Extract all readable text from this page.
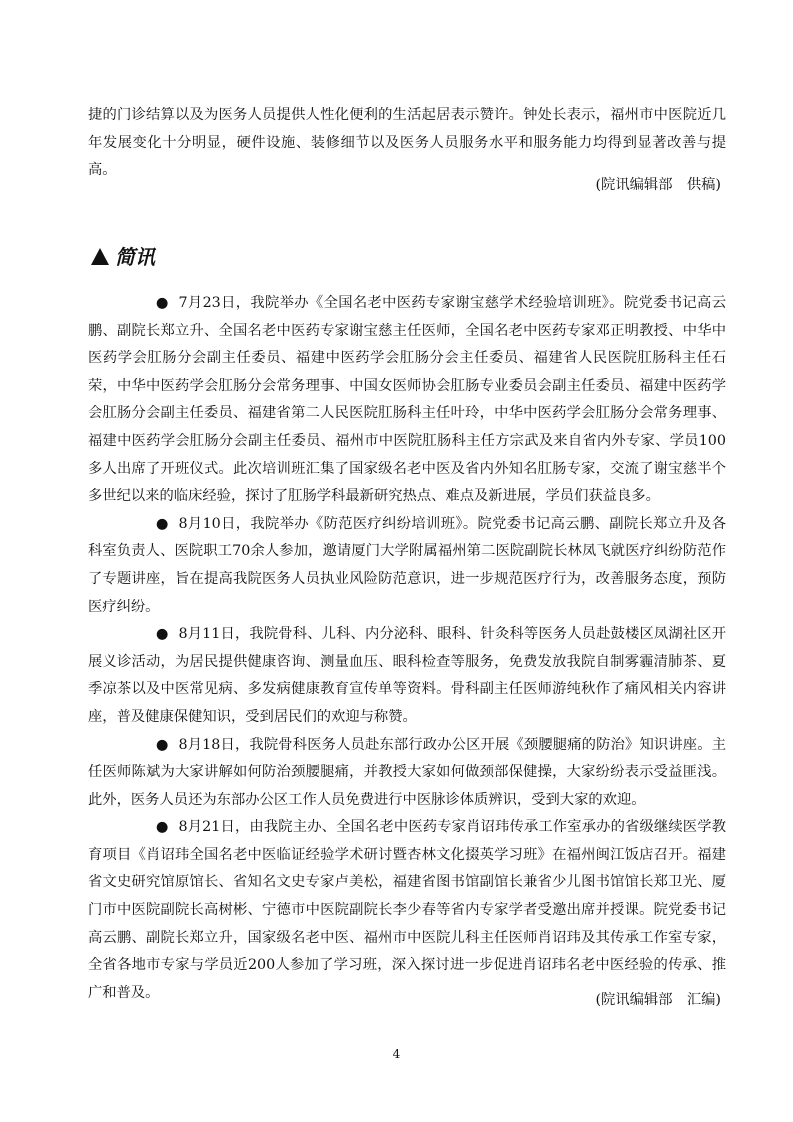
捷的门诊结算以及为医务人员提供人性化便利的生活起居表示赞许。钟处长表示，福州市中医院近几年发展变化十分明显，硬件设施、装修细节以及医务人员服务水平和服务能力均得到显著改善与提高。

(院讯编辑部　供稿)
简讯

● 7月23日，我院举办《全国名老中医药专家谢宝慈学术经验培训班》。院党委书记高云鹏、副院长郑立升、全国名老中医药专家谢宝慈主任医师，全国名老中医药专家邓正明教授、中华中医药学会肛肠分会副主任委员、福建中医药学会肛肠分会主任委员、福建省人民医院肛肠科主任石荣，中华中医药学会肛肠分会常务理事、中国女医师协会肛肠专业委员会副主任委员、福建中医药学会肛肠分会副主任委员、福建省第二人民医院肛肠科主任叶玲，中华中医药学会肛肠分会常务理事、福建中医药学会肛肠分会副主任委员、福州市中医院肛肠科主任方宗武及来自省内外专家、学员100多人出席了开班仪式。此次培训班汇集了国家级名老中医及省内外知名肛肠专家，交流了谢宝慈半个多世纪以来的临床经验，探讨了肛肠学科最新研究热点、难点及新进展，学员们获益良多。

● 8月10日，我院举办《防范医疗纠纷培训班》。院党委书记高云鹏、副院长郑立升及各科室负责人、医院职工70余人参加，邀请厦门大学附属福州第二医院副院长林凤飞就医疗纠纷防范作了专题讲座，旨在提高我院医务人员执业风险防范意识，进一步规范医疗行为，改善服务态度，预防医疗纠纷。

● 8月11日，我院骨科、儿科、内分泌科、眼科、针灸科等医务人员赴鼓楼区凤湖社区开展义诊活动，为居民提供健康咨询、测量血压、眼科检查等服务，免费发放我院自制雾霾清肺茶、夏季凉茶以及中医常见病、多发病健康教育宣传单等资料。骨科副主任医师游纯秋作了痛风相关内容讲座，普及健康保健知识，受到居民们的欢迎与称赞。

● 8月18日，我院骨科医务人员赴东部行政办公区开展《颈腰腿痛的防治》知识讲座。主任医师陈斌为大家讲解如何防治颈腰腿痛，并教授大家如何做颈部保健操，大家纷纷表示受益匪浅。此外，医务人员还为东部办公区工作人员免费进行中医脉诊体质辨识，受到大家的欢迎。

● 8月21日，由我院主办、全国名老中医药专家肖诏玮传承工作室承办的省级继续医学教育项目《肖诏玮全国名老中医临证经验学术研讨暨杏林文化掇英学习班》在福州闽江饭店召开。福建省文史研究馆原馆长、省知名文史专家卢美松，福建省图书馆副馆长兼省少儿图书馆馆长郑卫光、厦门市中医院副院长高树彬、宁德市中医院副院长李少春等省内专家学者受邀出席并授课。院党委书记高云鹏、副院长郑立升，国家级名老中医、福州市中医院儿科主任医师肖诏玮及其传承工作室专家，全省各地市专家与学员近200人参加了学习班，深入探讨进一步促进肖诏玮名老中医经验的传承、推广和普及。	(院讯编辑部　汇编)
4
